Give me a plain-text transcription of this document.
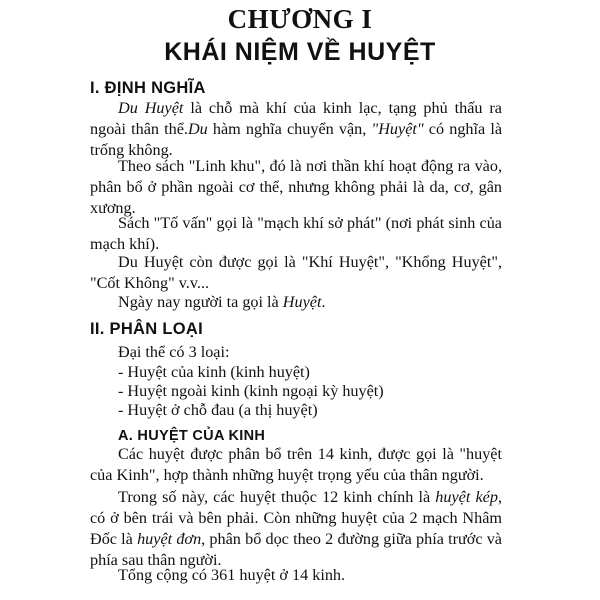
CHƯƠNG I
KHÁI NIỆM VỀ HUYỆT
I. ĐỊNH NGHĨA
Du Huyệt là chỗ mà khí của kinh lạc, tạng phủ thấu ra ngoài thân thể.Du hàm nghĩa chuyển vận, "Huyệt" có nghĩa là trống không.
Theo sách "Linh khu", đó là nơi thần khí hoạt động ra vào, phân bổ ở phần ngoài cơ thể, nhưng không phải là da, cơ, gân xương.
Sách "Tố vấn" gọi là "mạch khí sở phát" (nơi phát sinh của mạch khí).
Du Huyệt còn được gọi là "Khí Huyệt", "Khổng Huyệt", "Cốt Không" v.v...
Ngày nay người ta gọi là Huyệt.
II. PHÂN LOẠI
Đại thể có 3 loại:
- Huyệt của kinh (kinh huyệt)
- Huyệt ngoài kinh (kinh ngoại kỳ huyệt)
- Huyệt ở chỗ đau (a thị huyệt)
A. HUYỆT CỦA KINH
Các huyệt được phân bổ trên 14 kinh, được gọi là "huyệt của Kinh", hợp thành những huyệt trọng yếu của thân người.
Trong số này, các huyệt thuộc 12 kinh chính là huyệt kép, có ở bên trái và bên phải. Còn những huyệt của 2 mạch Nhâm Đốc là huyệt đơn, phân bổ dọc theo 2 đường giữa phía trước và phía sau thân người.
Tổng cộng có 361 huyệt ở 14 kinh.
